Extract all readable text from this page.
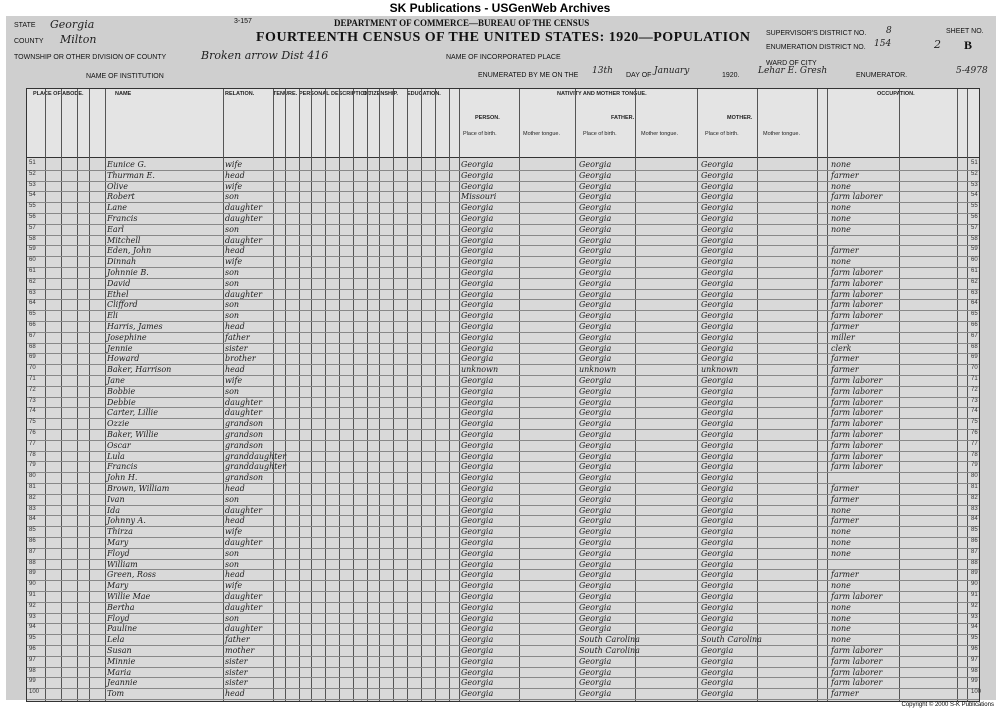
SK Publications - USGenWeb Archives
3-157	DEPARTMENT OF COMMERCE—BUREAU OF THE CENSUS
FOURTEENTH CENSUS OF THE UNITED STATES: 1920—POPULATION
STATE Georgia
COUNTY Milton
TOWNSHIP OR OTHER DIVISION OF COUNTY	Broken arrow Dist 416	NAME OF INCORPORATED PLACE
NAME OF INSTITUTION	ENUMERATED BY ME ON THE 13th DAY OF January	1920. Lehar E. Gresh	ENUMERATOR.
SUPERVISOR'S DISTRICT NO. 8
ENUMERATION DISTRICT NO. 154
SHEET NO.
2 B
WARD OF CITY
5-4978
PLACE OF ABODE.	NAME	RELATION.	TENURE. PERSONAL DESCRIPTION.
CITIZENSHIP. EDUCATION.	NATIVITY AND MOTHER TONGUE.	OCCUPATION.
PERSON.	FATHER.	MOTHER.
Place of birth.	Mother tongue.	Place of birth.	Mother tongue.	Place of birth.	Mother tongue.
51	Eunice G.	wife	Georgia	Georgia	Georgia	none	51
52	Thurman E.	head	Georgia	Georgia	Georgia	farmer	52
53	Olive	wife	Georgia	Georgia	Georgia	none	53
54	Robert	son	Missouri	Georgia	Georgia	farm laborer	54
55	Lane	daughter	Georgia	Georgia	Georgia	none	55
56	Francis	daughter	Georgia	Georgia	Georgia	none	56
57	Earl	son	Georgia	Georgia	Georgia	none	57
58	Mitchell	daughter	Georgia	Georgia	Georgia	58
59	Eden, John	head	Georgia	Georgia	Georgia	farmer	59
60	Dinnah	wife	Georgia	Georgia	Georgia	none	60
61	Johnnie B.	son	Georgia	Georgia	Georgia	farm laborer	61
62	David	son	Georgia	Georgia	Georgia	farm laborer	62
63	Ethel	daughter	Georgia	Georgia	Georgia	farm laborer	63
64	Clifford	son	Georgia	Georgia	Georgia	farm laborer	64
65	Eli	son	Georgia	Georgia	Georgia	farm laborer	65
66	Harris, James	head	Georgia	Georgia	Georgia	farmer	66
67	Josephine	father	Georgia	Georgia	Georgia	miller	67
68	Jennie	sister	Georgia	Georgia	Georgia	clerk	68
69	Howard	brother	Georgia	Georgia	Georgia	farmer	69
70	Baker, Harrison	head	unknown	unknown	unknown	farmer	70
71	Jane	wife	Georgia	Georgia	Georgia	farm laborer	71
72	Bobbie	son	Georgia	Georgia	Georgia	farm laborer	72
73	Debbie	daughter	Georgia	Georgia	Georgia	farm laborer	73
74	Carter, Lillie	daughter	Georgia	Georgia	Georgia	farm laborer	74
75	Ozzie	grandson	Georgia	Georgia	Georgia	farm laborer	75
76	Baker, Willie	grandson	Georgia	Georgia	Georgia	farm laborer	76
77	Oscar	grandson	Georgia	Georgia	Georgia	farm laborer	77
78	Lula	granddaughter	Georgia	Georgia	Georgia	farm laborer	78
79	Francis	granddaughter	Georgia	Georgia	Georgia	farm laborer	79
80	John H.	grandson	Georgia	Georgia	Georgia	80
81	Brown, William	head	Georgia	Georgia	Georgia	farmer	81
82	Ivan	son	Georgia	Georgia	Georgia	farmer	82
83	Ida	daughter	Georgia	Georgia	Georgia	none	83
84	Johnny A.	head	Georgia	Georgia	Georgia	farmer	84
85	Thirza	wife	Georgia	Georgia	Georgia	none	85
86	Mary	daughter	Georgia	Georgia	Georgia	none	86
87	Floyd	son	Georgia	Georgia	Georgia	none	87
88	William	son	Georgia	Georgia	Georgia	88
89	Green, Ross	head	Georgia	Georgia	Georgia	farmer	89
90	Mary	wife	Georgia	Georgia	Georgia	none	90
91	Willie Mae	daughter	Georgia	Georgia	Georgia	farm laborer	91
92	Bertha	daughter	Georgia	Georgia	Georgia	none	92
93	Floyd	son	Georgia	Georgia	Georgia	none	93
94	Pauline	daughter	Georgia	Georgia	Georgia	none	94
95	Lela	father	Georgia	South Carolina	South Carolina	none	95
96	Susan	mother	Georgia	South Carolina	Georgia	farm laborer	96
97	Minnie	sister	Georgia	Georgia	Georgia	farm laborer	97
98	Maria	sister	Georgia	Georgia	Georgia	farm laborer	98
99	Jeannie	sister	Georgia	Georgia	Georgia	farm laborer	99
100	Tom	head	Georgia	Georgia	Georgia	farmer	100
Copyright © 2000 S-K Publications
